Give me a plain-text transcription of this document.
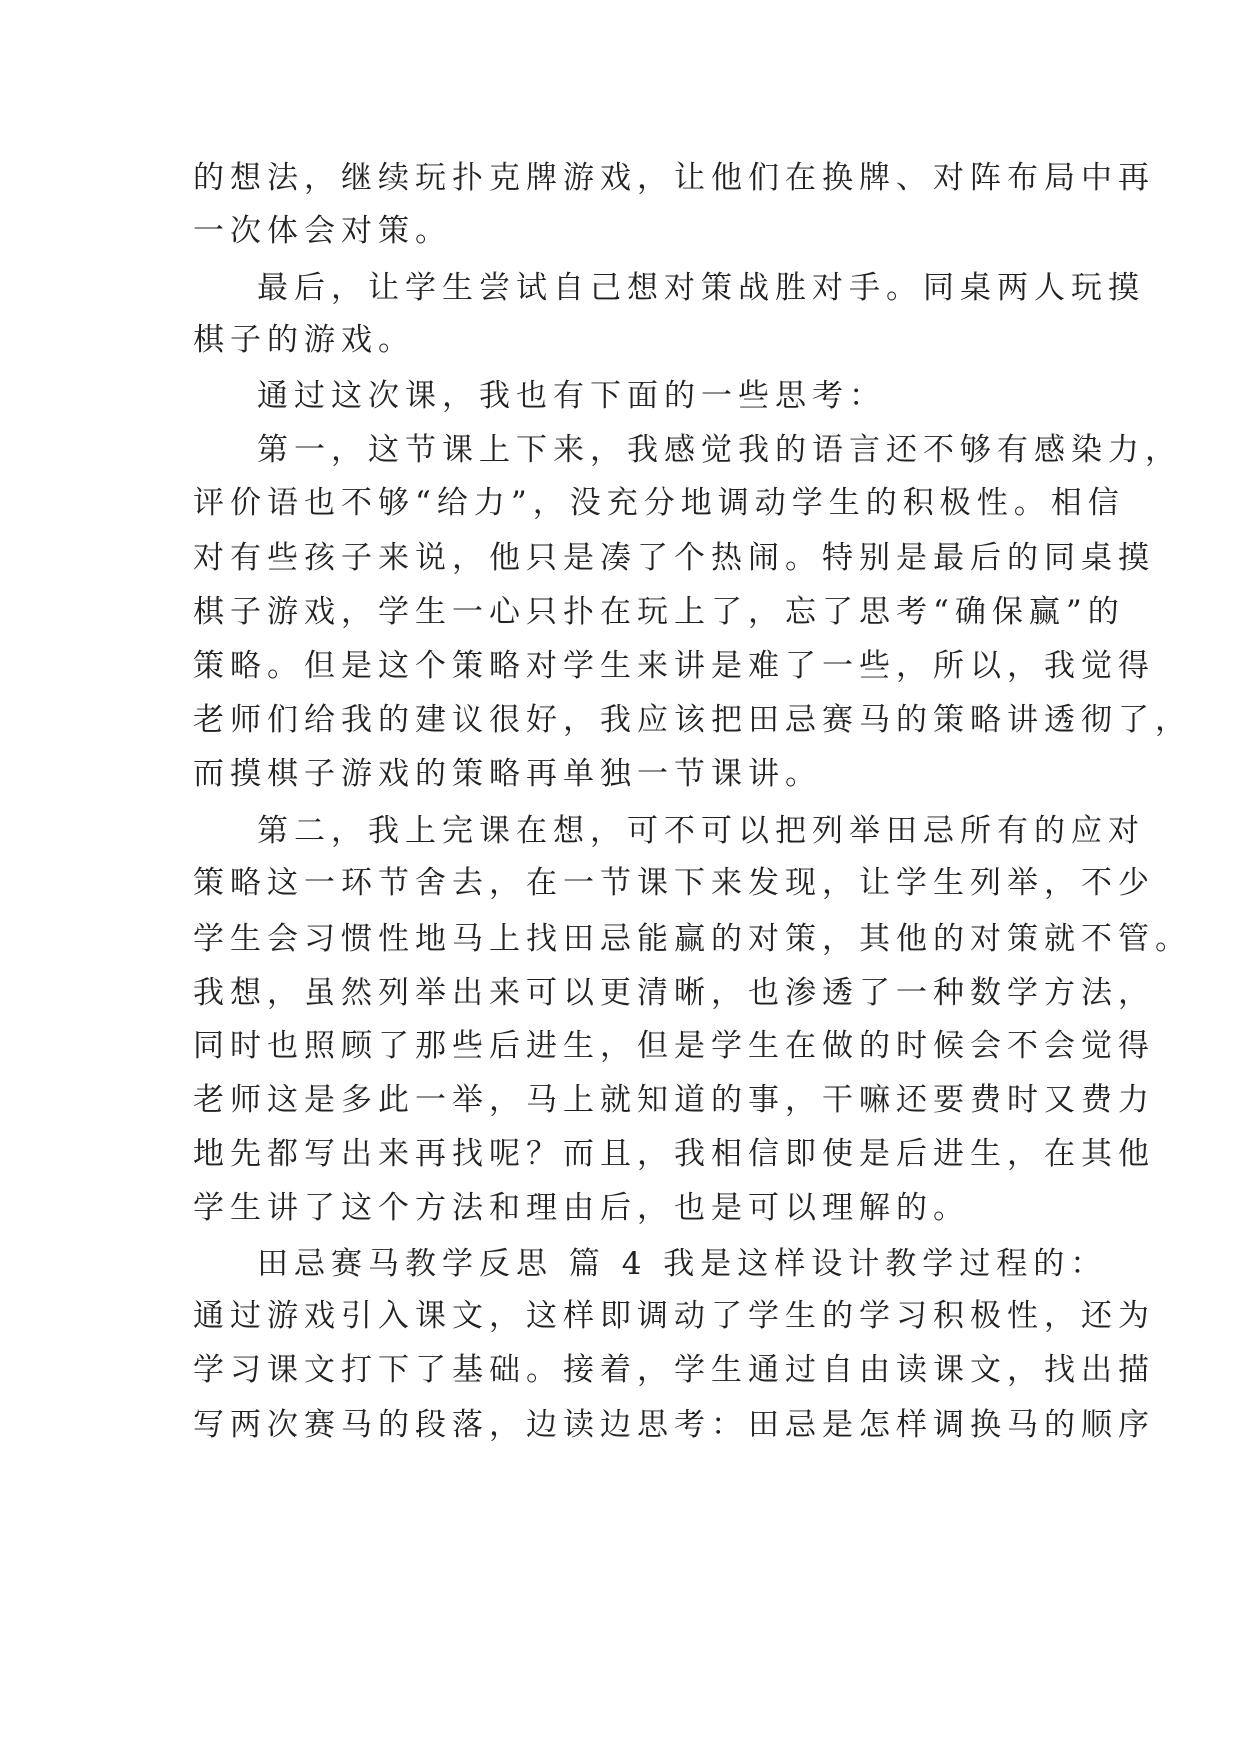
的想法，继续玩扑克牌游戏，让他们在换牌、对阵布局中再
一次体会对策。
最后，让学生尝试自己想对策战胜对手。同桌两人玩摸
棋子的游戏。
通过这次课，我也有下面的一些思考：
第一，这节课上下来，我感觉我的语言还不够有感染力，
评价语也不够“给力”，没充分地调动学生的积极性。相信
对有些孩子来说，他只是凑了个热闹。特别是最后的同桌摸
棋子游戏，学生一心只扑在玩上了，忘了思考“确保赢”的
策略。但是这个策略对学生来讲是难了一些，所以，我觉得
老师们给我的建议很好，我应该把田忌赛马的策略讲透彻了，
而摸棋子游戏的策略再单独一节课讲。
第二，我上完课在想，可不可以把列举田忌所有的应对
策略这一环节舍去，在一节课下来发现，让学生列举，不少
学生会习惯性地马上找田忌能赢的对策，其他的对策就不管。
我想，虽然列举出来可以更清晰，也渗透了一种数学方法，
同时也照顾了那些后进生，但是学生在做的时候会不会觉得
老师这是多此一举，马上就知道的事，干嘛还要费时又费力
地先都写出来再找呢？而且，我相信即使是后进生，在其他
学生讲了这个方法和理由后，也是可以理解的。
田忌赛马教学反思 篇 4 我是这样设计教学过程的：
通过游戏引入课文，这样即调动了学生的学习积极性，还为
学习课文打下了基础。接着，学生通过自由读课文，找出描
写两次赛马的段落，边读边思考：田忌是怎样调换马的顺序
